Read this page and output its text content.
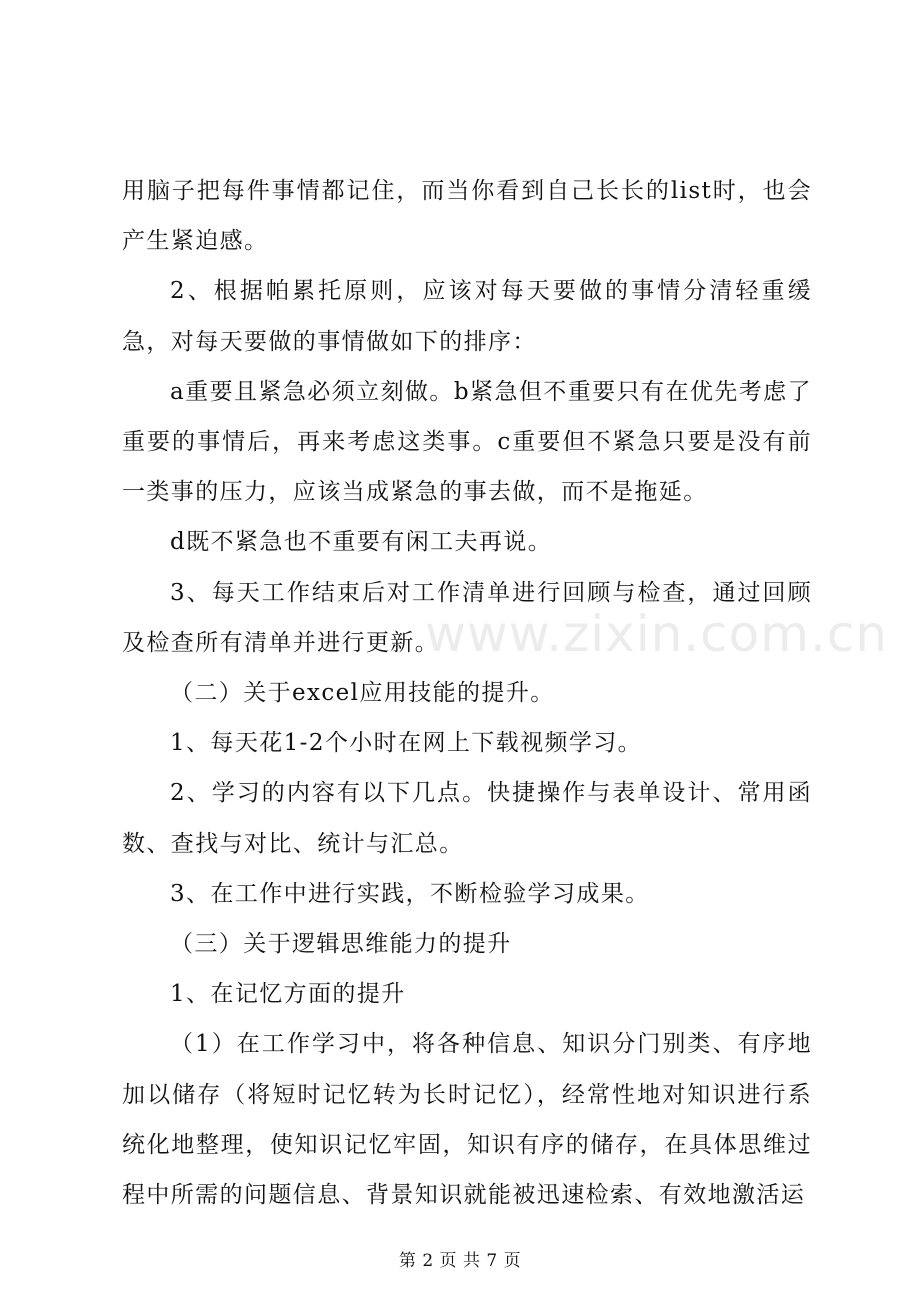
用脑子把每件事情都记住，而当你看到自己长长的list时，也会产生紧迫感。

2、根据帕累托原则，应该对每天要做的事情分清轻重缓急，对每天要做的事情做如下的排序：

a重要且紧急必须立刻做。b紧急但不重要只有在优先考虑了重要的事情后，再来考虑这类事。c重要但不紧急只要是没有前一类事的压力，应该当成紧急的事去做，而不是拖延。

d既不紧急也不重要有闲工夫再说。

3、每天工作结束后对工作清单进行回顾与检查，通过回顾及检查所有清单并进行更新。

（二）关于excel应用技能的提升。

1、每天花1-2个小时在网上下载视频学习。

2、学习的内容有以下几点。快捷操作与表单设计、常用函数、查找与对比、统计与汇总。

3、在工作中进行实践，不断检验学习成果。

（三）关于逻辑思维能力的提升

1、在记忆方面的提升

（1）在工作学习中，将各种信息、知识分门别类、有序地加以储存（将短时记忆转为长时记忆），经常性地对知识进行系统化地整理，使知识记忆牢固，知识有序的储存，在具体思维过程中所需的问题信息、背景知识就能被迅速检索、有效地激活运

www.zixin.com.cn
第 2 页 共 7 页
